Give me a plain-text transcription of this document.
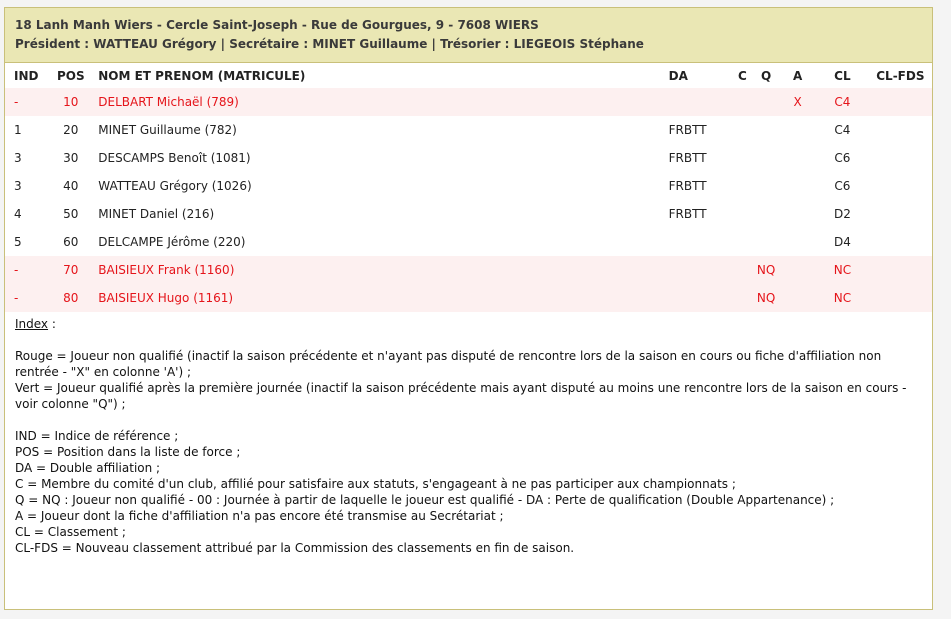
18 Lanh Manh Wiers - Cercle Saint-Joseph - Rue de Gourgues, 9 - 7608 WIERS
Président : WATTEAU Grégory | Secrétaire : MINET Guillaume | Trésorier : LIEGEOIS Stéphane
IND	POS	NOM ET PRENOM (MATRICULE)	DA	C	Q	A	CL	CL-FDS
-	10	DELBART Michaël (789)				X	C4	
1	20	MINET Guillaume (782)	FRBTT				C4	
3	30	DESCAMPS Benoît (1081)	FRBTT				C6	
3	40	WATTEAU Grégory (1026)	FRBTT				C6	
4	50	MINET Daniel (216)	FRBTT				D2	
5	60	DELCAMPE Jérôme (220)					D4	
-	70	BAISIEUX Frank (1160)			NQ		NC	
-	80	BAISIEUX Hugo (1161)			NQ		NC	

Index :

Rouge = Joueur non qualifié (inactif la saison précédente et n'ayant pas disputé de rencontre lors de la saison en cours ou fiche d'affiliation non rentrée - "X" en colonne 'A') ;

Vert = Joueur qualifié après la première journée (inactif la saison précédente mais ayant disputé au moins une rencontre lors de la saison en cours - voir colonne "Q") ;

IND = Indice de référence ;

POS = Position dans la liste de force ;

DA = Double affiliation ;

C = Membre du comité d'un club, affilié pour satisfaire aux statuts, s'engageant à ne pas participer aux championnats ;

Q = NQ : Joueur non qualifié - 00 : Journée à partir de laquelle le joueur est qualifié - DA : Perte de qualification (Double Appartenance) ;

A = Joueur dont la fiche d'affiliation n'a pas encore été transmise au Secrétariat ;

CL = Classement ;

CL-FDS = Nouveau classement attribué par la Commission des classements en fin de saison.
